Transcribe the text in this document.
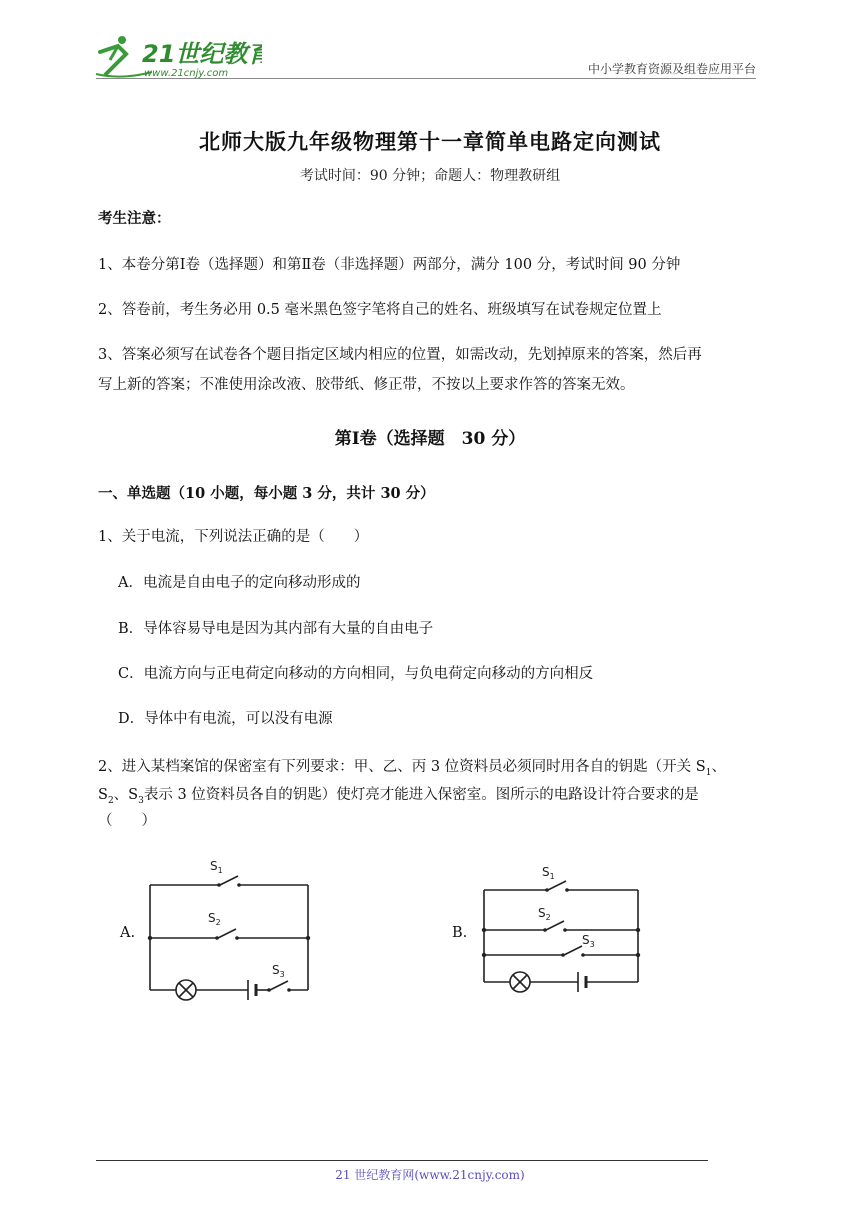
21世纪教育
www.21cnjy.com	中小学教育资源及组卷应用平台
北师大版九年级物理第十一章简单电路定向测试
考试时间：90 分钟；命题人：物理教研组
考生注意：
1、本卷分第Ⅰ卷（选择题）和第Ⅱ卷（非选择题）两部分，满分 100 分，考试时间 90 分钟
2、答卷前，考生务必用 0.5 毫米黑色签字笔将自己的姓名、班级填写在试卷规定位置上
3、答案必须写在试卷各个题目指定区域内相应的位置，如需改动，先划掉原来的答案，然后再
写上新的答案；不准使用涂改液、胶带纸、修正带，不按以上要求作答的答案无效。
第Ⅰ卷（选择题　30 分）
一、单选题（10 小题，每小题 3 分，共计 30 分）
1、关于电流，下列说法正确的是（　　）
A．电流是自由电子的定向移动形成的
B．导体容易导电是因为其内部有大量的自由电子
C．电流方向与正电荷定向移动的方向相同，与负电荷定向移动的方向相反
D．导体中有电流，可以没有电源
2、进入某档案馆的保密室有下列要求：甲、乙、丙 3 位资料员必须同时用各自的钥匙（开关 $S_1$、
$S_2$、$S_3$表示 3 位资料员各自的钥匙）使灯亮才能进入保密室。图所示的电路设计符合要求的是
（　　）
A.
$S_1$
$S_2$
$S_3$
B.
$S_1$
$S_2$
$S_3$
21 世纪教育网(www.21cnjy.com)
